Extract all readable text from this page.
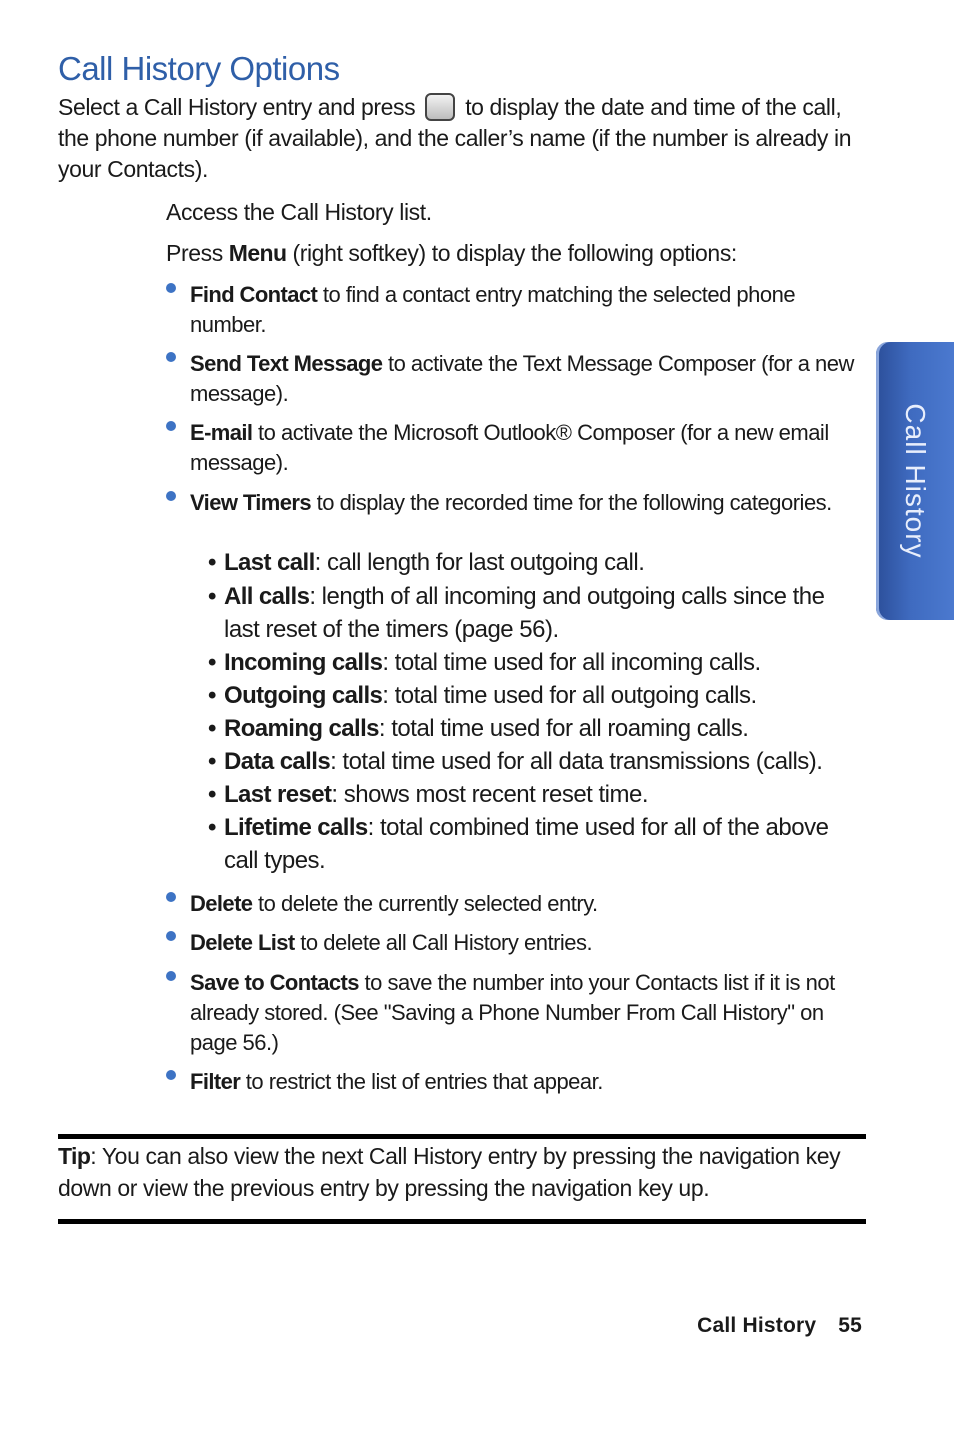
Call History Options
Select a Call History entry and press to display the date and time of the call, the phone number (if available), and the caller’s name (if the number is already in your Contacts).
Access the Call History list.
Press Menu (right softkey) to display the following options:
Find Contact to find a contact entry matching the selected phone number.
Send Text Message to activate the Text Message Composer (for a new message).
E-mail to activate the Microsoft Outlook® Composer (for a new email message).
View Timers to display the recorded time for the following categories.
• Last call: call length for last outgoing call.
• All calls: length of all incoming and outgoing calls since the
last reset of the timers (page 56).
• Incoming calls: total time used for all incoming calls.
• Outgoing calls: total time used for all outgoing calls.
• Roaming calls: total time used for all roaming calls.
• Data calls: total time used for all data transmissions (calls).
• Last reset: shows most recent reset time.
• Lifetime calls: total combined time used for all of the above
call types.
Delete to delete the currently selected entry.
Delete List to delete all Call History entries.
Save to Contacts to save the number into your Contacts list if it is not already stored. (See "Saving a Phone Number From Call History" on page 56.)
Filter to restrict the list of entries that appear.
Tip: You can also view the next Call History entry by pressing the navigation key down or view the previous entry by pressing the navigation key up.
Call History
Call History 55
